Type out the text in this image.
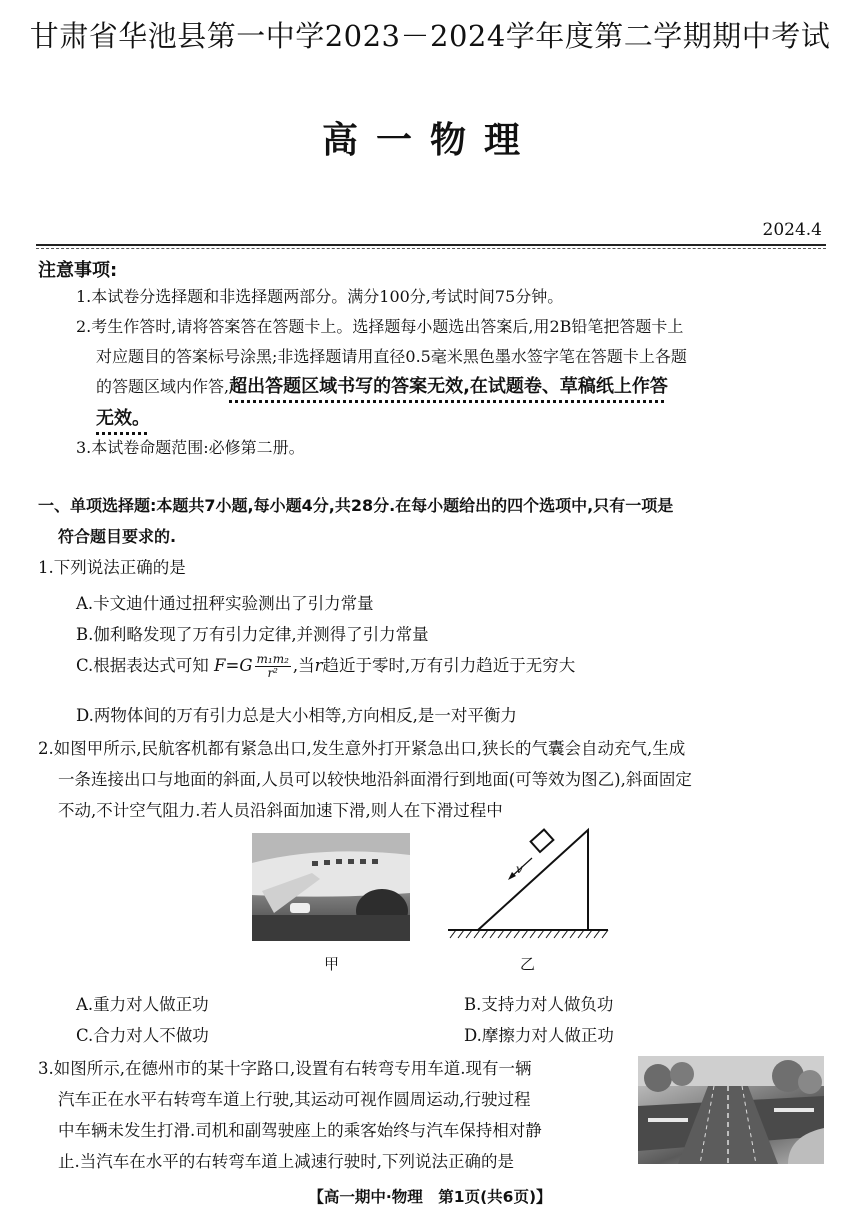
甘肃省华池县第一中学2023－2024学年度第二学期期中考试
高一物理
2024.4
注意事项:
1.本试卷分选择题和非选择题两部分。满分100分,考试时间75分钟。
2.考生作答时,请将答案答在答题卡上。选择题每小题选出答案后,用2B铅笔把答题卡上
对应题目的答案标号涂黑;非选择题请用直径0.5毫米黑色墨水签字笔在答题卡上各题
的答题区域内作答,超出答题区域书写的答案无效,在试题卷、草稿纸上作答
无效。
3.本试卷命题范围:必修第二册。
一、单项选择题:本题共7小题,每小题4分,共28分.在每小题给出的四个选项中,只有一项是
符合题目要求的.
1.下列说法正确的是
A.卡文迪什通过扭秤实验测出了引力常量
B.伽利略发现了万有引力定律,并测得了引力常量
C.根据表达式可知 $F=G \frac{\text{m₁m₂}}{\text{r²}}$ ,当r趋近于零时,万有引力趋近于无穷大
D.两物体间的万有引力总是大小相等,方向相反,是一对平衡力
2.如图甲所示,民航客机都有紧急出口,发生意外打开紧急出口,狭长的气囊会自动充气,生成
一条连接出口与地面的斜面,人员可以较快地沿斜面滑行到地面(可等效为图乙),斜面固定
不动,不计空气阻力.若人员沿斜面加速下滑,则人在下滑过程中
甲
v
乙
A.重力对人做正功	B.支持力对人做负功
C.合力对人不做功	D.摩擦力对人做正功
3.如图所示,在德州市的某十字路口,设置有右转弯专用车道.现有一辆
汽车正在水平右转弯车道上行驶,其运动可视作圆周运动,行驶过程
中车辆未发生打滑.司机和副驾驶座上的乘客始终与汽车保持相对静
止.当汽车在水平的右转弯车道上减速行驶时,下列说法正确的是
【高一期中·物理　第1页(共6页)】
